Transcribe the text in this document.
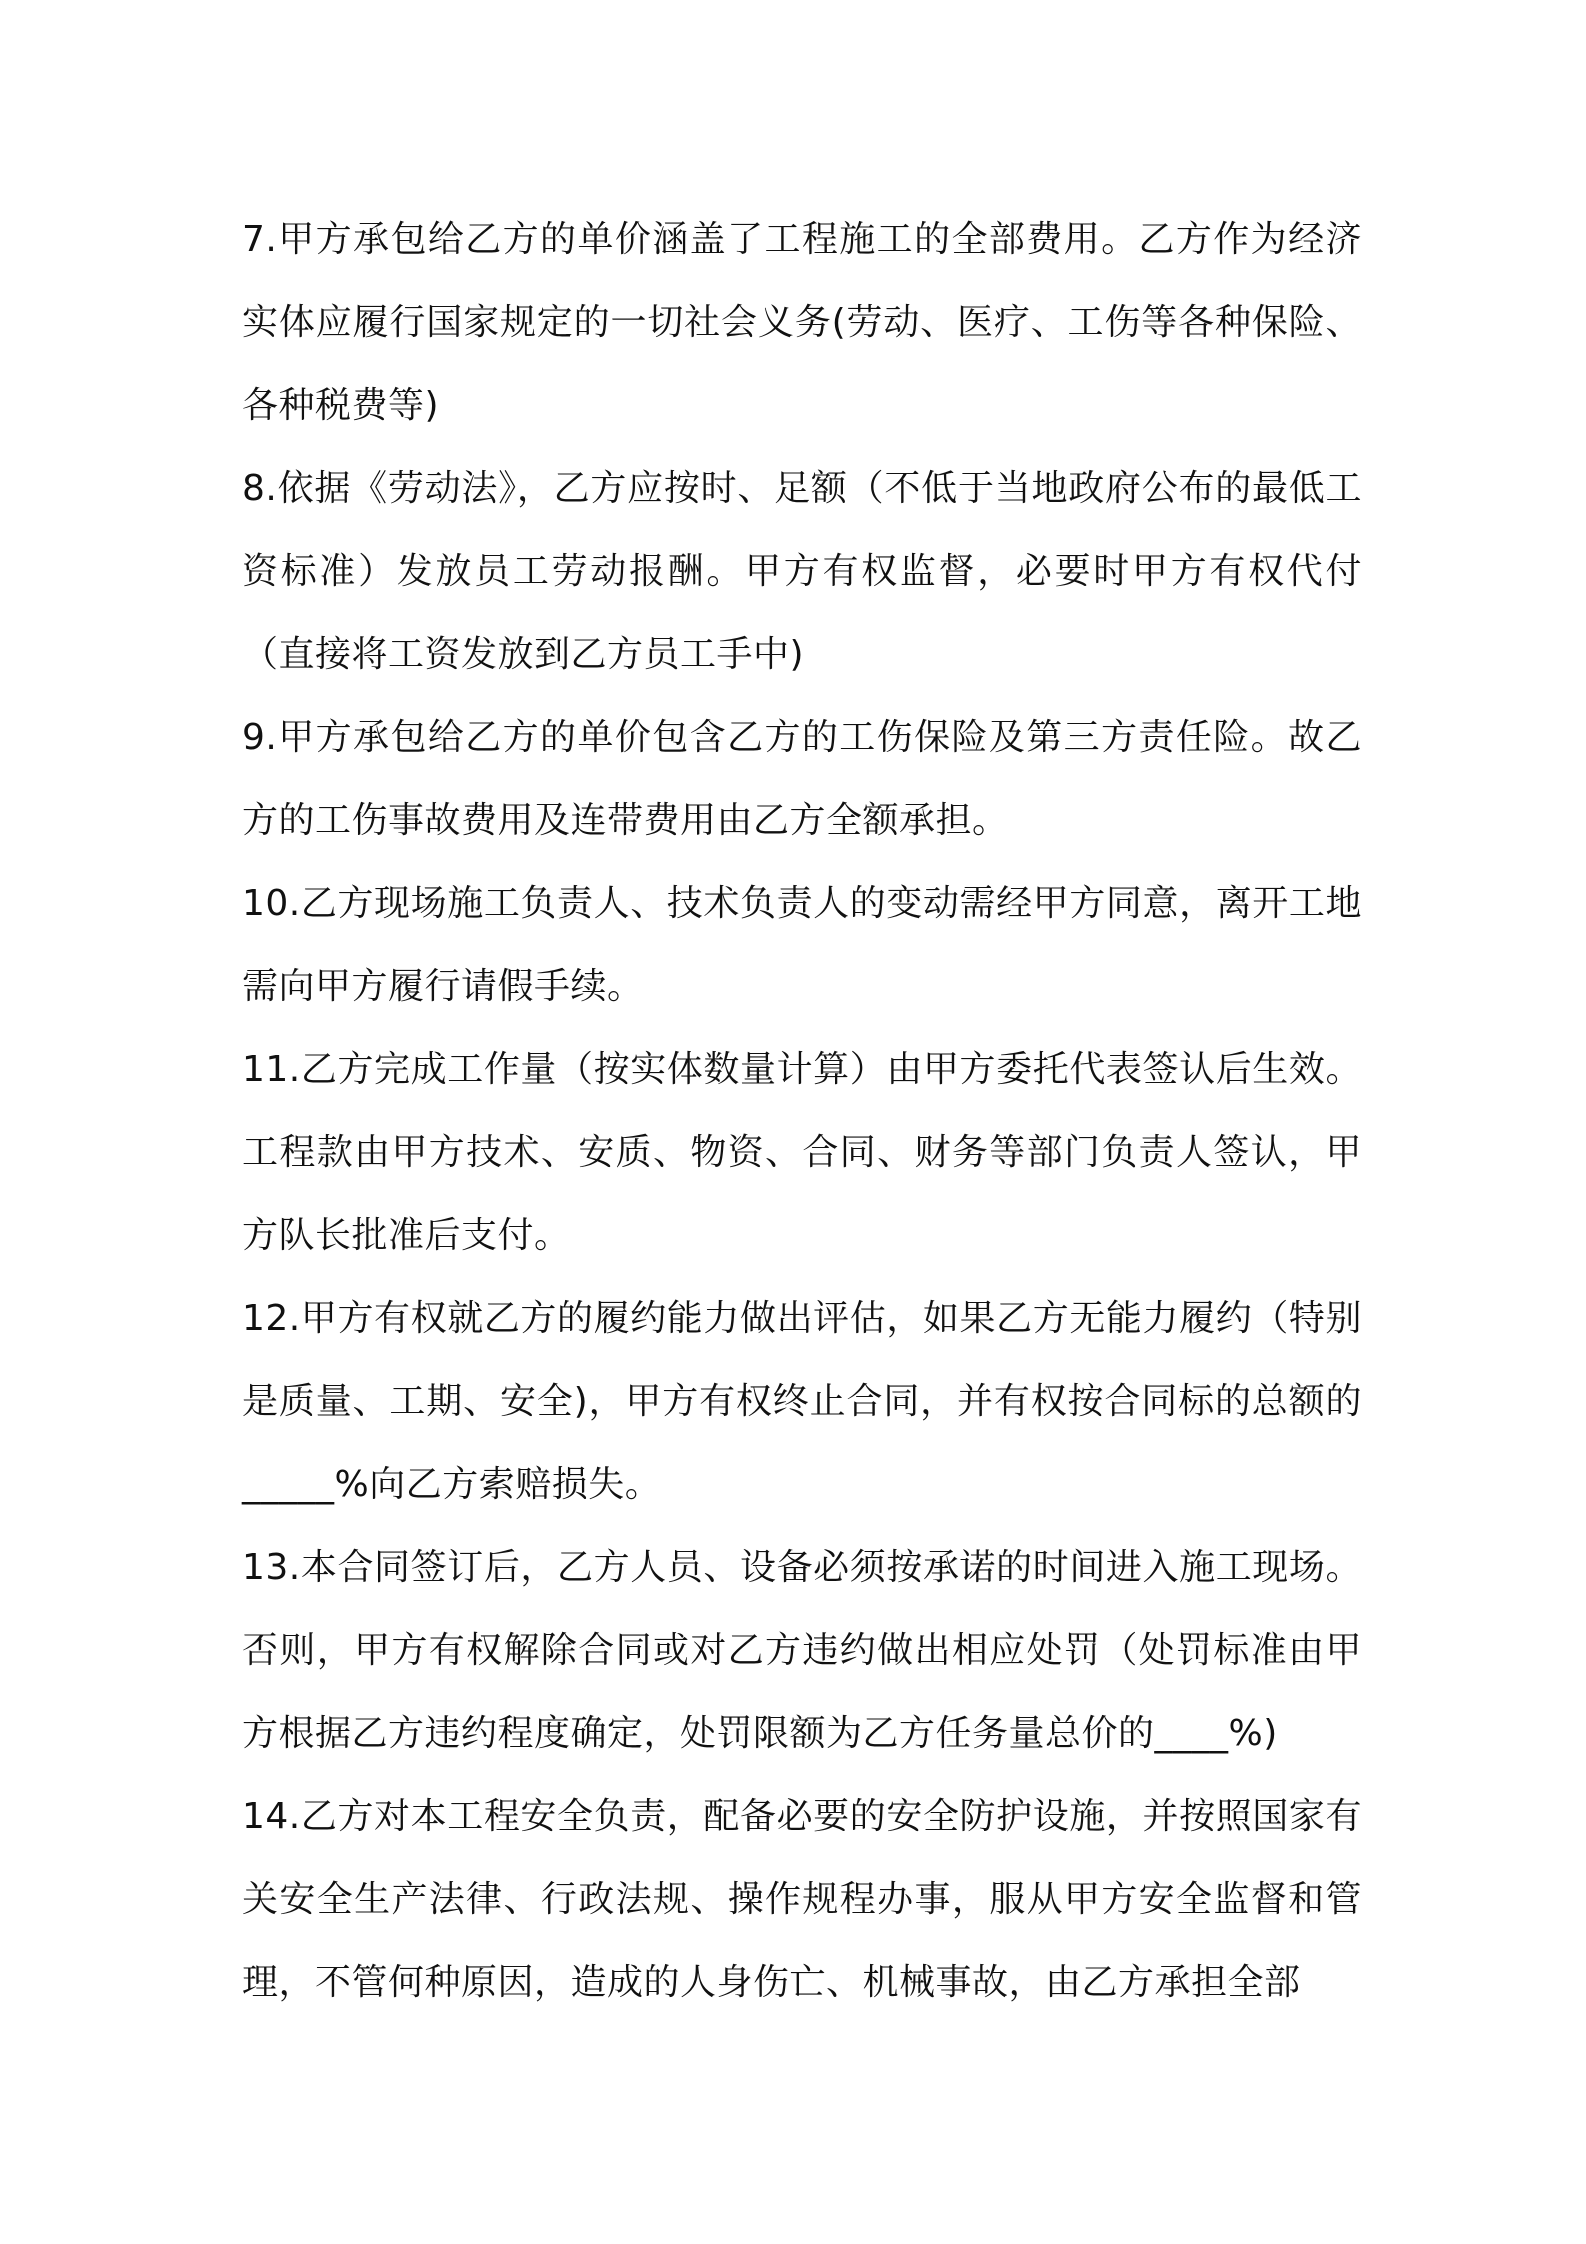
7.甲方承包给乙方的单价涵盖了工程施工的全部费用。乙方作为经济实体应履行国家规定的一切社会义务(劳动、医疗、工伤等各种保险、各种税费等)

8.依据《劳动法》，乙方应按时、足额（不低于当地政府公布的最低工资标准）发放员工劳动报酬。甲方有权监督，必要时甲方有权代付（直接将工资发放到乙方员工手中)

9.甲方承包给乙方的单价包含乙方的工伤保险及第三方责任险。故乙方的工伤事故费用及连带费用由乙方全额承担。

10.乙方现场施工负责人、技术负责人的变动需经甲方同意，离开工地需向甲方履行请假手续。

11.乙方完成工作量（按实体数量计算）由甲方委托代表签认后生效。工程款由甲方技术、安质、物资、合同、财务等部门负责人签认，甲方队长批准后支付。

12.甲方有权就乙方的履约能力做出评估，如果乙方无能力履约（特别是质量、工期、安全)，甲方有权终止合同，并有权按合同标的总额的_____%向乙方索赔损失。

13.本合同签订后，乙方人员、设备必须按承诺的时间进入施工现场。否则，甲方有权解除合同或对乙方违约做出相应处罚（处罚标准由甲方根据乙方违约程度确定，处罚限额为乙方任务量总价的____%)

14.乙方对本工程安全负责，配备必要的安全防护设施，并按照国家有关安全生产法律、行政法规、操作规程办事，服从甲方安全监督和管理，不管何种原因，造成的人身伤亡、机械事故，由乙方承担全部
